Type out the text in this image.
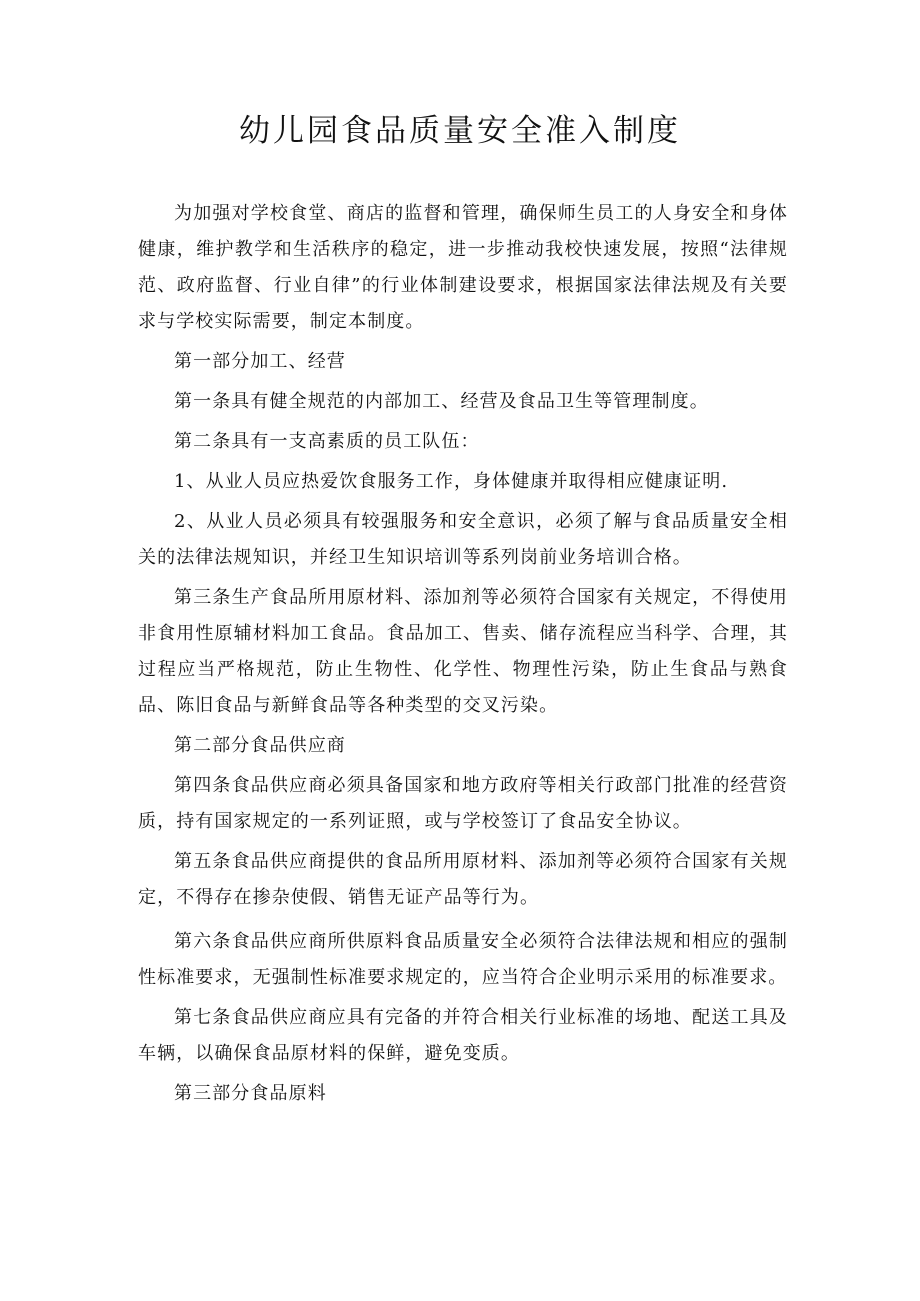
幼儿园食品质量安全准入制度

为加强对学校食堂、商店的监督和管理，确保师生员工的人身安全和身体健康，维护教学和生活秩序的稳定，进一步推动我校快速发展，按照“法律规范、政府监督、行业自律”的行业体制建设要求，根据国家法律法规及有关要求与学校实际需要，制定本制度。

第一部分加工、经营

第一条具有健全规范的内部加工、经营及食品卫生等管理制度。

第二条具有一支高素质的员工队伍：

1、从业人员应热爱饮食服务工作，身体健康并取得相应健康证明.

2、从业人员必须具有较强服务和安全意识，必须了解与食品质量安全相关的法律法规知识，并经卫生知识培训等系列岗前业务培训合格。

第三条生产食品所用原材料、添加剂等必须符合国家有关规定，不得使用非食用性原辅材料加工食品。食品加工、售卖、储存流程应当科学、合理，其过程应当严格规范，防止生物性、化学性、物理性污染，防止生食品与熟食品、陈旧食品与新鲜食品等各种类型的交叉污染。

第二部分食品供应商

第四条食品供应商必须具备国家和地方政府等相关行政部门批准的经营资质，持有国家规定的一系列证照，或与学校签订了食品安全协议。

第五条食品供应商提供的食品所用原材料、添加剂等必须符合国家有关规定，不得存在掺杂使假、销售无证产品等行为。

第六条食品供应商所供原料食品质量安全必须符合法律法规和相应的强制性标准要求，无强制性标准要求规定的，应当符合企业明示采用的标准要求。

第七条食品供应商应具有完备的并符合相关行业标准的场地、配送工具及车辆，以确保食品原材料的保鲜，避免变质。

第三部分食品原料
